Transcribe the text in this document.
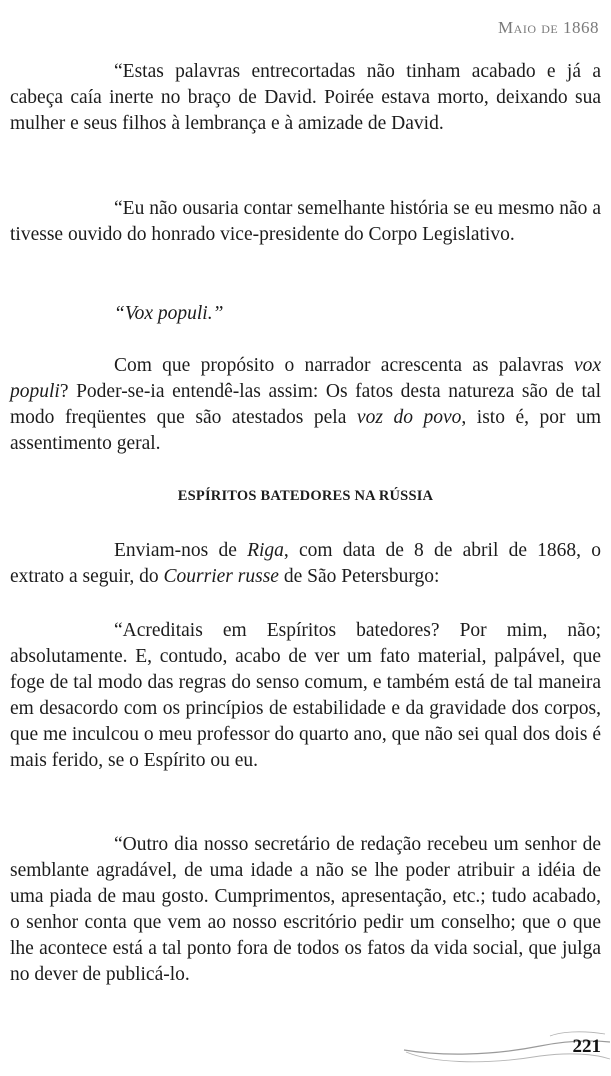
Maio de 1868

“Estas palavras entrecortadas não tinham acabado e já a cabeça caía inerte no braço de David. Poirée estava morto, deixando sua mulher e seus filhos à lembrança e à amizade de David.

“Eu não ousaria contar semelhante história se eu mesmo não a tivesse ouvido do honrado vice-presidente do Corpo Legislativo.

“Vox populi.”

Com que propósito o narrador acrescenta as palavras vox populi? Poder-se-ia entendê-las assim: Os fatos desta natureza são de tal modo freqüentes que são atestados pela voz do povo, isto é, por um assentimento geral.

ESPÍRITOS BATEDORES NA RÚSSIA

Enviam-nos de Riga, com data de 8 de abril de 1868, o extrato a seguir, do Courrier russe de São Petersburgo:

“Acreditais em Espíritos batedores? Por mim, não; absolutamente. E, contudo, acabo de ver um fato material, palpável, que foge de tal modo das regras do senso comum, e também está de tal maneira em desacordo com os princípios de estabilidade e da gravidade dos corpos, que me inculcou o meu professor do quarto ano, que não sei qual dos dois é mais ferido, se o Espírito ou eu.

“Outro dia nosso secretário de redação recebeu um senhor de semblante agradável, de uma idade a não se lhe poder atribuir a idéia de uma piada de mau gosto. Cumprimentos, apresentação, etc.; tudo acabado, o senhor conta que vem ao nosso escritório pedir um conselho; que o que lhe acontece está a tal ponto fora de todos os fatos da vida social, que julga no dever de publicá-lo.

221
